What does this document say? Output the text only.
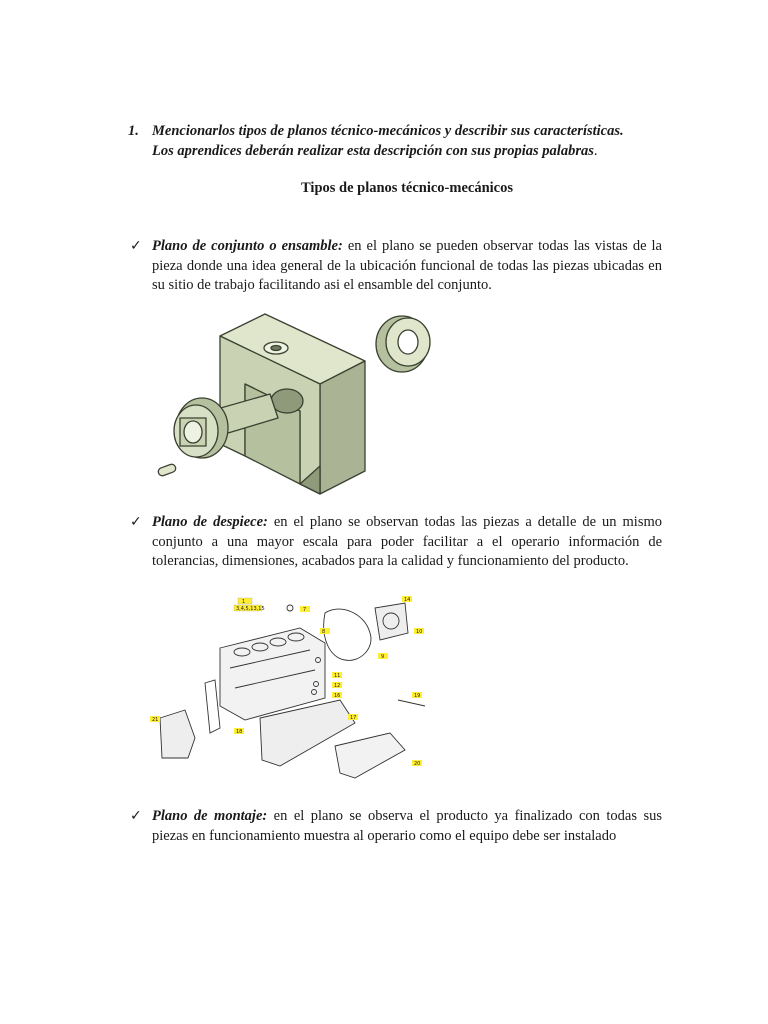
1. Mencionarlos tipos de planos técnico-mecánicos y describir sus características.
Los aprendices deberán realizar esta descripción con sus propias palabras.
Tipos de planos técnico-mecánicos
✓ Plano de conjunto o ensamble: en el plano se pueden observar todas las vistas de la pieza donde una idea general de la ubicación funcional de todas las piezas ubicadas en su sitio de trabajo facilitando asi el ensamble del conjunto.
✓ Plano de despiece: en el plano se observan todas las piezas a detalle de un mismo conjunto a una mayor escala para poder facilitar a el operario información de tolerancias, dimensiones, acabados para la calidad y funcionamiento del producto.
1
3,4,5,13,15	7
8
9
10
11
12
14
16
17
18
19
20
21
✓ Plano de montaje: en el plano se observa el producto ya finalizado con todas sus piezas en funcionamiento muestra al operario como el equipo debe ser instalado
